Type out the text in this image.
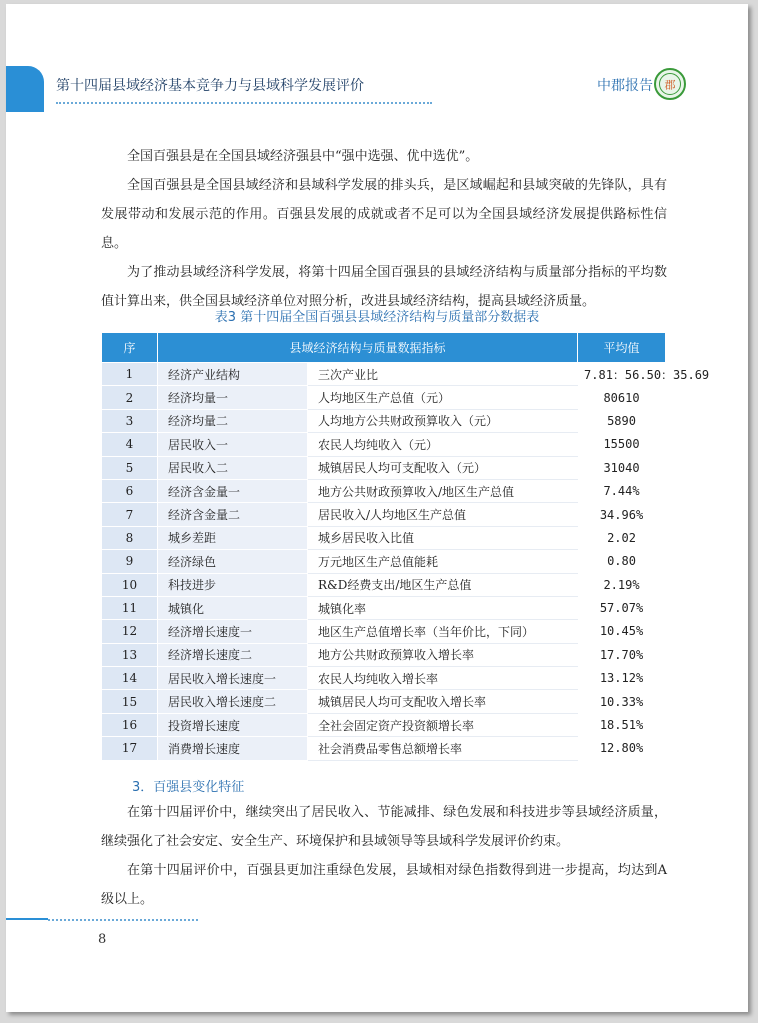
第十四届县域经济基本竞争力与县域科学发展评价	中郡报告 郡

全国百强县是在全国县域经济强县中“强中选强、优中选优”。

全国百强县是全国县域经济和县域科学发展的排头兵，是区域崛起和县域突破的先锋队，具有发展带动和发展示范的作用。百强县发展的成就或者不足可以为全国县域经济发展提供路标性信息。

为了推动县域经济科学发展，将第十四届全国百强县的县域经济结构与质量部分指标的平均数值计算出来，供全国县域经济单位对照分析，改进县域经济结构，提高县域经济质量。

表3 第十四届全国百强县县域经济结构与质量部分数据表
序	县域经济结构与质量数据指标		平均值
1	经济产业结构	三次产业比	7.81：56.50：35.69
2	经济均量一	人均地区生产总值（元）	80610
3	经济均量二	人均地方公共财政预算收入（元）	5890
4	居民收入一	农民人均纯收入（元）	15500
5	居民收入二	城镇居民人均可支配收入（元）	31040
6	经济含金量一	地方公共财政预算收入/地区生产总值	7.44%
7	经济含金量二	居民收入/人均地区生产总值	34.96%
8	城乡差距	城乡居民收入比值	2.02
9	经济绿色	万元地区生产总值能耗	0.80
10	科技进步	R&D经费支出/地区生产总值	2.19%
11	城镇化	城镇化率	57.07%
12	经济增长速度一	地区生产总值增长率（当年价比，下同）	10.45%
13	经济增长速度二	地方公共财政预算收入增长率	17.70%
14	居民收入增长速度一	农民人均纯收入增长率	13.12%
15	居民收入增长速度二	城镇居民人均可支配收入增长率	10.33%
16	投资增长速度	全社会固定资产投资额增长率	18.51%
17	消费增长速度	社会消费品零售总额增长率	12.80%
3．百强县变化特征

在第十四届评价中，继续突出了居民收入、节能减排、绿色发展和科技进步等县域经济质量，继续强化了社会安定、安全生产、环境保护和县域领导等县域科学发展评价约束。

在第十四届评价中，百强县更加注重绿色发展，县域相对绿色指数得到进一步提高，均达到A级以上。

8
